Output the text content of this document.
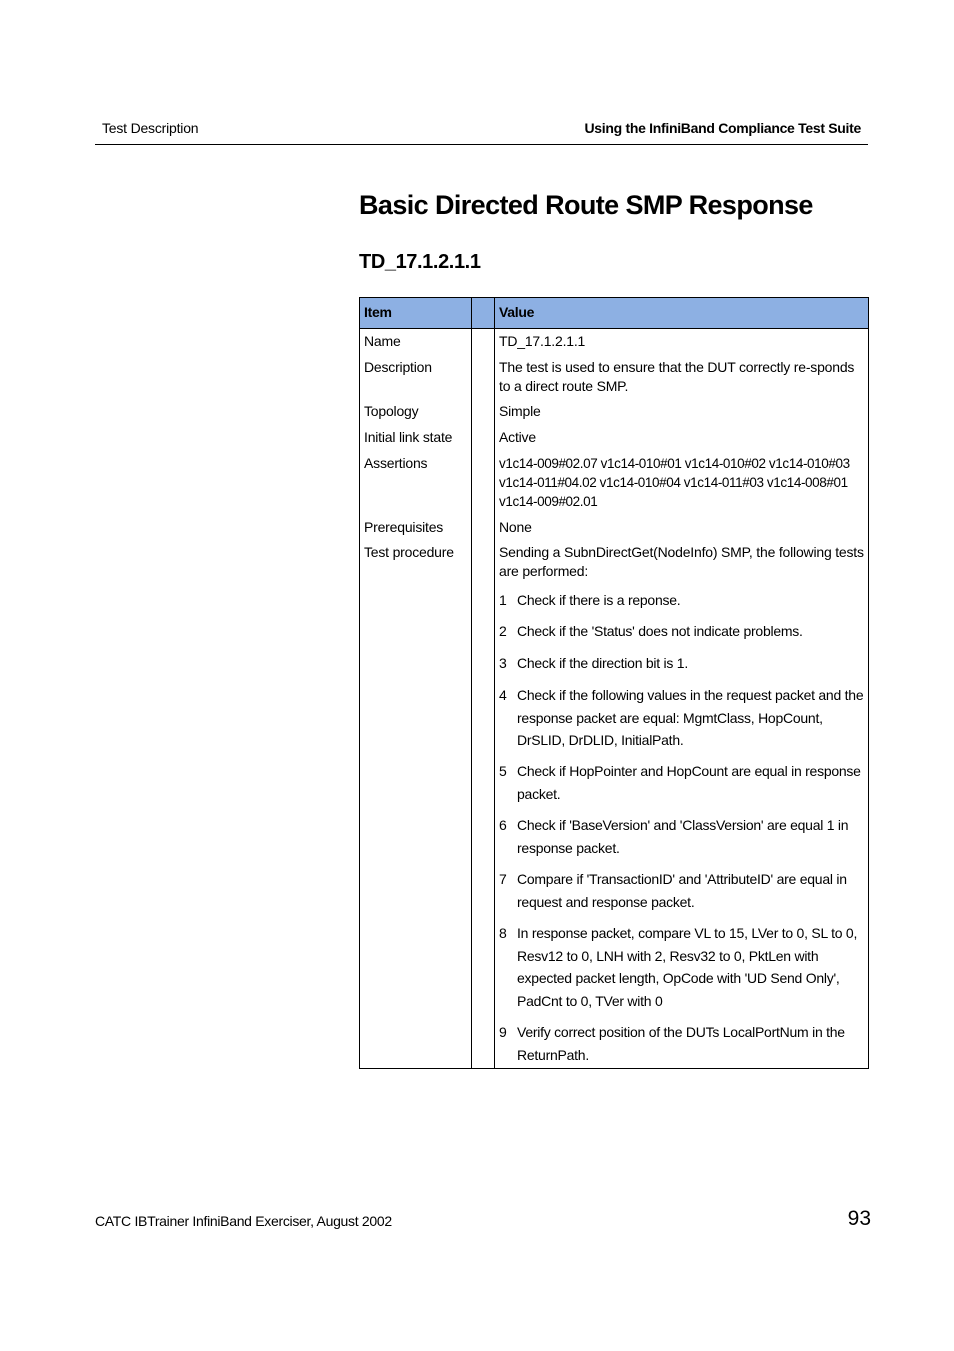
Test Description	Using the InfiniBand Compliance Test Suite
Basic Directed Route SMP Response
TD_17.1.2.1.1
Item	Value
Name	TD_17.1.2.1.1
Description	The test is used to ensure that the DUT correctly re-sponds to a direct route SMP.
Topology	Simple
Initial link state	Active
Assertions	v1c14-009#02.07 v1c14-010#01 v1c14-010#02 v1c14-010#03 v1c14-011#04.02 v1c14-010#04 v1c14-011#03 v1c14-008#01 v1c14-009#02.01
Prerequisites	None
Test procedure	Sending a SubnDirectGet(NodeInfo) SMP, the following tests are performed:
1 Check if there is a reponse.
2 Check if the 'Status' does not indicate problems.
3 Check if the direction bit is 1.
4 Check if the following values in the request packet and the response packet are equal: MgmtClass, HopCount, DrSLID, DrDLID, InitialPath.
5 Check if HopPointer and HopCount are equal in response packet.
6 Check if 'BaseVersion' and 'ClassVersion' are equal 1 in response packet.
7 Compare if 'TransactionID' and 'AttributeID' are equal in request and response packet.
8 In response packet, compare VL to 15, LVer to 0, SL to 0, Resv12 to 0, LNH with 2, Resv32 to 0, PktLen with expected packet length, OpCode with 'UD Send Only', PadCnt to 0, TVer with 0
9 Verify correct position of the DUTs LocalPortNum in the ReturnPath.
CATC IBTrainer InfiniBand Exerciser, August 2002	93
